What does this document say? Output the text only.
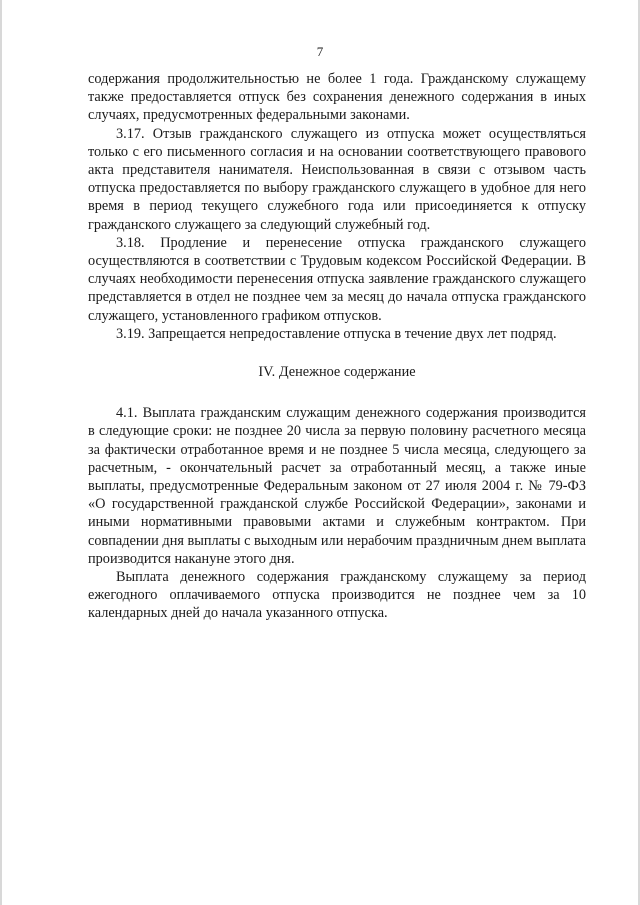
7

содержания продолжительностью не более 1 года. Гражданскому служащему также предоставляется отпуск без сохранения денежного содержания в иных случаях, предусмотренных федеральными законами.

3.17. Отзыв гражданского служащего из отпуска может осуществляться только с его письменного согласия и на основании соответствующего правового акта представителя нанимателя. Неиспользованная в связи с отзывом часть отпуска предоставляется по выбору гражданского служащего в удобное для него время в период текущего служебного года или присоединяется к отпуску гражданского служащего за следующий служебный год.

3.18. Продление и перенесение отпуска гражданского служащего осуществляются в соответствии с Трудовым кодексом Российской Федерации. В случаях необходимости перенесения отпуска заявление гражданского служащего представляется в отдел не позднее чем за месяц до начала отпуска гражданского служащего, установленного графиком отпусков.

3.19. Запрещается непредоставление отпуска в течение двух лет подряд.

IV. Денежное содержание

4.1. Выплата гражданским служащим денежного содержания производится в следующие сроки: не позднее 20 числа за первую половину расчетного месяца за фактически отработанное время и не позднее 5 числа месяца, следующего за расчетным, - окончательный расчет за отработанный месяц, а также иные выплаты, предусмотренные Федеральным законом от 27 июля 2004 г. № 79-ФЗ «О государственной гражданской службе Российской Федерации», законами и иными нормативными правовыми актами и служебным контрактом. При совпадении дня выплаты с выходным или нерабочим праздничным днем выплата производится накануне этого дня.

Выплата денежного содержания гражданскому служащему за период ежегодного оплачиваемого отпуска производится не позднее чем за 10 календарных дней до начала указанного отпуска.
